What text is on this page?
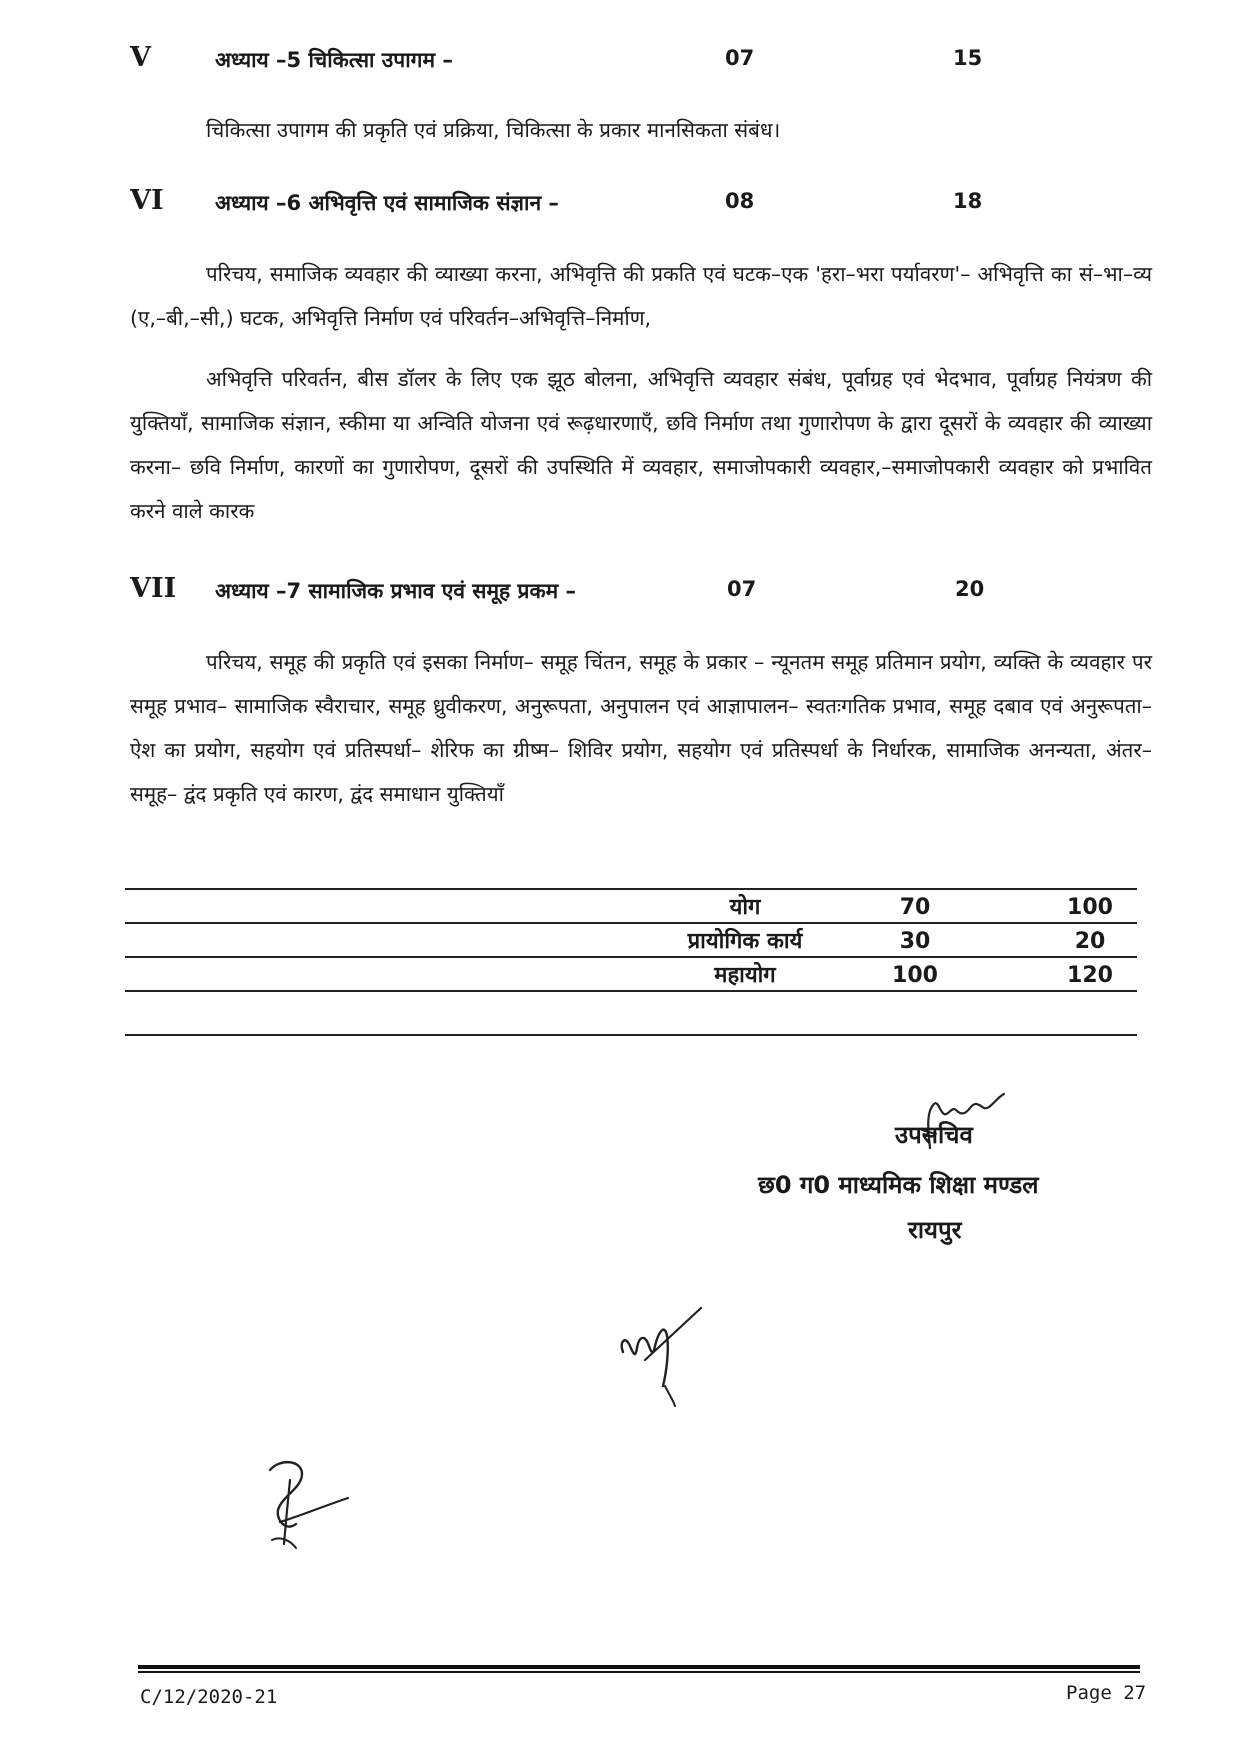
V	अध्याय –5 चिकित्सा उपागम –	07	15
चिकित्सा उपागम की प्रकृति एवं प्रक्रिया, चिकित्सा के प्रकार मानसिकता संबंध।
VI अध्याय –6 अभिवृत्ति एवं सामाजिक संज्ञान –	08	18
परिचय, समाजिक व्यवहार की व्याख्या करना, अभिवृत्ति की प्रकति एवं घटक–एक 'हरा–भरा पर्यावरण'– अभिवृत्ति का सं–भा–व्य (ए,–बी,–सी,) घटक, अभिवृत्ति निर्माण एवं परिवर्तन–अभिवृत्ति–निर्माण,
अभिवृत्ति परिवर्तन, बीस डॉलर के लिए एक झूठ बोलना, अभिवृत्ति व्यवहार संबंध, पूर्वाग्रह एवं भेदभाव, पूर्वाग्रह नियंत्रण की युक्तियॉं, सामाजिक संज्ञान, स्कीमा या अन्विति योजना एवं रूढ़धारणाएँ, छवि निर्माण तथा गुणारोपण के द्वारा दूसरों के व्यवहार की व्याख्या करना– छवि निर्माण, कारणों का गुणारोपण, दूसरों की उपस्थिति में व्यवहार, समाजोपकारी व्यवहार,–समाजोपकारी व्यवहार को प्रभावित करने वाले कारक
VII अध्याय –7 सामाजिक प्रभाव एवं समूह प्रकम –	07	20
परिचय, समूह की प्रकृति एवं इसका निर्माण– समूह चिंतन, समूह के प्रकार – न्यूनतम समूह प्रतिमान प्रयोग, व्यक्ति के व्यवहार पर समूह प्रभाव– सामाजिक स्वैराचार, समूह ध्रुवीकरण, अनुरूपता, अनुपालन एवं आज्ञापालन– स्वतःगतिक प्रभाव, समूह दबाव एवं अनुरूपता– ऐश का प्रयोग, सहयोग एवं प्रतिस्पर्धा– शेरिफ का ग्रीष्म– शिविर प्रयोग, सहयोग एवं प्रतिस्पर्धा के निर्धारक, सामाजिक अनन्यता, अंतर–समूह– द्वंद प्रकृति एवं कारण, द्वंद समाधान युक्तियॉं
योग	70	100
प्रायोगिक कार्य	30	20
महायोग	100	120
उपसचिव
छ0 ग0 माध्यमिक शिक्षा मण्डल
रायपुर
C/12/2020-21	Page 27
